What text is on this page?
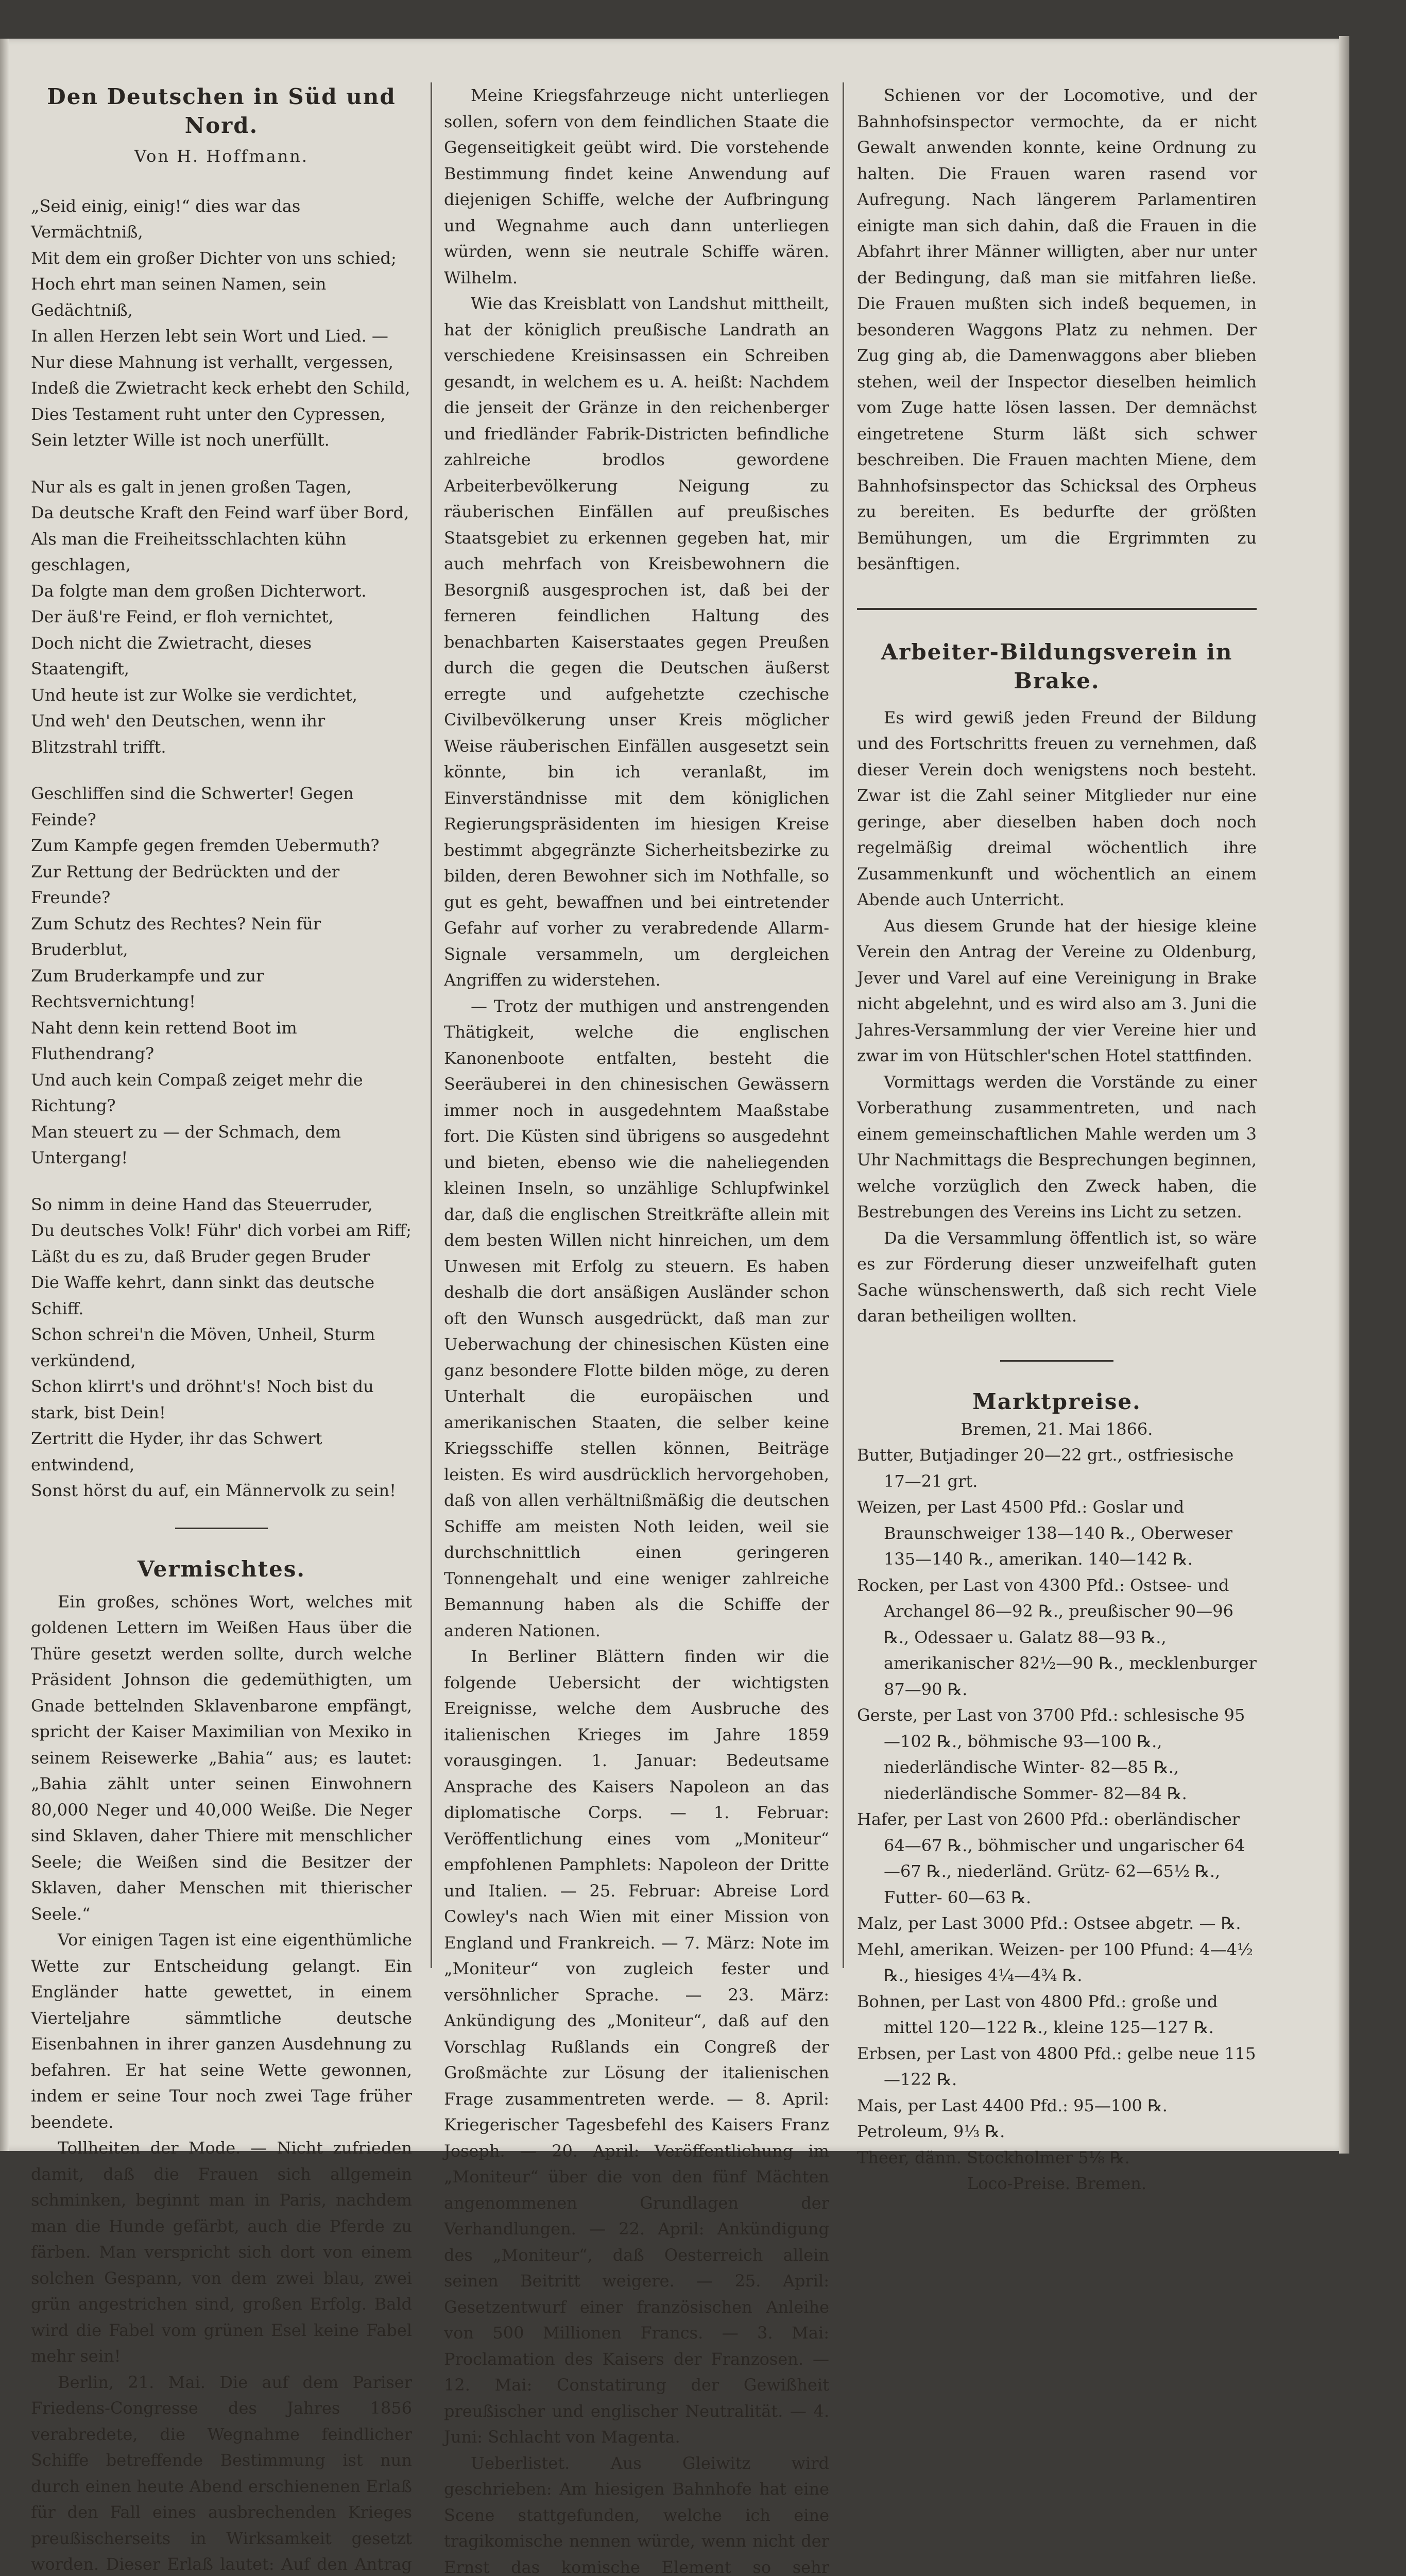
Den Deutschen in Süd und Nord.
Von H. Hoffmann.

„Seid einig, einig!“ dies war das Vermächtniß,

Mit dem ein großer Dichter von uns schied;

Hoch ehrt man seinen Namen, sein Gedächtniß,

In allen Herzen lebt sein Wort und Lied. —

Nur diese Mahnung ist verhallt, vergessen,

Indeß die Zwietracht keck erhebt den Schild,

Dies Testament ruht unter den Cypressen,

Sein letzter Wille ist noch unerfüllt.

Nur als es galt in jenen großen Tagen,

Da deutsche Kraft den Feind warf über Bord,

Als man die Freiheitsschlachten kühn geschlagen,

Da folgte man dem großen Dichterwort.

Der äuß're Feind, er floh vernichtet,

Doch nicht die Zwietracht, dieses Staatengift,

Und heute ist zur Wolke sie verdichtet,

Und weh' den Deutschen, wenn ihr Blitzstrahl trifft.

Geschliffen sind die Schwerter! Gegen Feinde?

Zum Kampfe gegen fremden Uebermuth?

Zur Rettung der Bedrückten und der Freunde?

Zum Schutz des Rechtes? Nein für Bruderblut,

Zum Bruderkampfe und zur Rechtsvernichtung!

Naht denn kein rettend Boot im Fluthendrang?

Und auch kein Compaß zeiget mehr die Richtung?

Man steuert zu — der Schmach, dem Untergang!

So nimm in deine Hand das Steuerruder,

Du deutsches Volk! Führ' dich vorbei am Riff;

Läßt du es zu, daß Bruder gegen Bruder

Die Waffe kehrt, dann sinkt das deutsche Schiff.

Schon schrei'n die Möven, Unheil, Sturm verkündend,

Schon klirrt's und dröhnt's! Noch bist du stark, bist Dein!

Zertritt die Hyder, ihr das Schwert entwindend,

Sonst hörst du auf, ein Männervolk zu sein!

Vermischtes.

Ein großes, schönes Wort, welches mit goldenen Lettern im Weißen Haus über die Thüre gesetzt werden sollte, durch welche Präsident Johnson die gedemüthigten, um Gnade bettelnden Sklavenbarone empfängt, spricht der Kaiser Maximilian von Mexiko in seinem Reisewerke „Bahia“ aus; es lautet: „Bahia zählt unter seinen Einwohnern 80,000 Neger und 40,000 Weiße. Die Neger sind Sklaven, daher Thiere mit menschlicher Seele; die Weißen sind die Besitzer der Sklaven, daher Menschen mit thierischer Seele.“

Vor einigen Tagen ist eine eigenthümliche Wette zur Entscheidung gelangt. Ein Engländer hatte gewettet, in einem Vierteljahre sämmtliche deutsche Eisenbahnen in ihrer ganzen Ausdehnung zu befahren. Er hat seine Wette gewonnen, indem er seine Tour noch zwei Tage früher beendete.

Tollheiten der Mode. — Nicht zufrieden damit, daß die Frauen sich allgemein schminken, beginnt man in Paris, nachdem man die Hunde gefärbt, auch die Pferde zu färben. Man verspricht sich dort von einem solchen Gespann, von dem zwei blau, zwei grün angestrichen sind, großen Erfolg. Bald wird die Fabel vom grünen Esel keine Fabel mehr sein!

Berlin, 21. Mai. Die auf dem Pariser Friedens-Congresse des Jahres 1856 verabredete, die Wegnahme feindlicher Schiffe betreffende Bestimmung ist nun durch einen heute Abend erschienenen Erlaß für den Fall eines ausbrechenden Krieges preußischerseits in Wirksamkeit gesetzt worden. Dieser Erlaß lautet: Auf den Antrag

Meine Kriegsfahrzeuge nicht unterliegen sollen, sofern von dem feindlichen Staate die Gegenseitigkeit geübt wird. Die vorstehende Bestimmung findet keine Anwendung auf diejenigen Schiffe, welche der Aufbringung und Wegnahme auch dann unterliegen würden, wenn sie neutrale Schiffe wären. Wilhelm.

Wie das Kreisblatt von Landshut mittheilt, hat der königlich preußische Landrath an verschiedene Kreisinsassen ein Schreiben gesandt, in welchem es u. A. heißt: Nachdem die jenseit der Gränze in den reichenberger und friedländer Fabrik-Districten befindliche zahlreiche brodlos gewordene Arbeiterbevölkerung Neigung zu räuberischen Einfällen auf preußisches Staatsgebiet zu erkennen gegeben hat, mir auch mehrfach von Kreisbewohnern die Besorgniß ausgesprochen ist, daß bei der ferneren feindlichen Haltung des benachbarten Kaiserstaates gegen Preußen durch die gegen die Deutschen äußerst erregte und aufgehetzte czechische Civilbevölkerung unser Kreis möglicher Weise räuberischen Einfällen ausgesetzt sein könnte, bin ich veranlaßt, im Einverständnisse mit dem königlichen Regierungspräsidenten im hiesigen Kreise bestimmt abgegränzte Sicherheitsbezirke zu bilden, deren Bewohner sich im Nothfalle, so gut es geht, bewaffnen und bei eintretender Gefahr auf vorher zu verabredende Allarm-Signale versammeln, um dergleichen Angriffen zu widerstehen.

— Trotz der muthigen und anstrengenden Thätigkeit, welche die englischen Kanonenboote entfalten, besteht die Seeräuberei in den chinesischen Gewässern immer noch in ausgedehntem Maaßstabe fort. Die Küsten sind übrigens so ausgedehnt und bieten, ebenso wie die naheliegenden kleinen Inseln, so unzählige Schlupfwinkel dar, daß die englischen Streitkräfte allein mit dem besten Willen nicht hinreichen, um dem Unwesen mit Erfolg zu steuern. Es haben deshalb die dort ansäßigen Ausländer schon oft den Wunsch ausgedrückt, daß man zur Ueberwachung der chinesischen Küsten eine ganz besondere Flotte bilden möge, zu deren Unterhalt die europäischen und amerikanischen Staaten, die selber keine Kriegsschiffe stellen können, Beiträge leisten. Es wird ausdrücklich hervorgehoben, daß von allen verhältnißmäßig die deutschen Schiffe am meisten Noth leiden, weil sie durchschnittlich einen geringeren Tonnengehalt und eine weniger zahlreiche Bemannung haben als die Schiffe der anderen Nationen.

In Berliner Blättern finden wir die folgende Uebersicht der wichtigsten Ereignisse, welche dem Ausbruche des italienischen Krieges im Jahre 1859 vorausgingen. 1. Januar: Bedeutsame Ansprache des Kaisers Napoleon an das diplomatische Corps. — 1. Februar: Veröffentlichung eines vom „Moniteur“ empfohlenen Pamphlets: Napoleon der Dritte und Italien. — 25. Februar: Abreise Lord Cowley's nach Wien mit einer Mission von England und Frankreich. — 7. März: Note im „Moniteur“ von zugleich fester und versöhnlicher Sprache. — 23. März: Ankündigung des „Moniteur“, daß auf den Vorschlag Rußlands ein Congreß der Großmächte zur Lösung der italienischen Frage zusammentreten werde. — 8. April: Kriegerischer Tagesbefehl des Kaisers Franz Joseph. — 20. April: Veröffentlichung im „Moniteur“ über die von den fünf Mächten angenommenen Grundlagen der Verhandlungen. — 22. April: Ankündigung des „Moniteur“, daß Oesterreich allein seinen Beitritt weigere. — 25. April: Gesetzentwurf einer französischen Anleihe von 500 Millionen Francs. — 3. Mai: Proclamation des Kaisers der Franzosen. — 12. Mai: Constatirung der Gewißheit preußischer und englischer Neutralität. — 4. Juni: Schlacht von Magenta.

Ueberlistet. Aus Gleiwitz wird geschrieben: Am hiesigen Bahnhofe hat eine Scene stattgefunden, welche ich eine tragikomische nennen würde, wenn nicht der Ernst das komische Element so sehr

Schienen vor der Locomotive, und der Bahnhofsinspector vermochte, da er nicht Gewalt anwenden konnte, keine Ordnung zu halten. Die Frauen waren rasend vor Aufregung. Nach längerem Parlamentiren einigte man sich dahin, daß die Frauen in die Abfahrt ihrer Männer willigten, aber nur unter der Bedingung, daß man sie mitfahren ließe. Die Frauen mußten sich indeß bequemen, in besonderen Waggons Platz zu nehmen. Der Zug ging ab, die Damenwaggons aber blieben stehen, weil der Inspector dieselben heimlich vom Zuge hatte lösen lassen. Der demnächst eingetretene Sturm läßt sich schwer beschreiben. Die Frauen machten Miene, dem Bahnhofsinspector das Schicksal des Orpheus zu bereiten. Es bedurfte der größten Bemühungen, um die Ergrimmten zu besänftigen.

Arbeiter-Bildungsverein in Brake.

Es wird gewiß jeden Freund der Bildung und des Fortschritts freuen zu vernehmen, daß dieser Verein doch wenigstens noch besteht. Zwar ist die Zahl seiner Mitglieder nur eine geringe, aber dieselben haben doch noch regelmäßig dreimal wöchentlich ihre Zusammenkunft und wöchentlich an einem Abende auch Unterricht.

Aus diesem Grunde hat der hiesige kleine Verein den Antrag der Vereine zu Oldenburg, Jever und Varel auf eine Vereinigung in Brake nicht abgelehnt, und es wird also am 3. Juni die Jahres-Versammlung der vier Vereine hier und zwar im von Hütschler'schen Hotel stattfinden.

Vormittags werden die Vorstände zu einer Vorberathung zusammentreten, und nach einem gemeinschaftlichen Mahle werden um 3 Uhr Nachmittags die Besprechungen beginnen, welche vorzüglich den Zweck haben, die Bestrebungen des Vereins ins Licht zu setzen.

Da die Versammlung öffentlich ist, so wäre es zur Förderung dieser unzweifelhaft guten Sache wünschenswerth, daß sich recht Viele daran betheiligen wollten.

Marktpreise.

Bremen, 21. Mai 1866.

Butter, Butjadinger 20—22 grt., ostfriesische 17—21 grt.

Weizen, per Last 4500 Pfd.: Goslar und Braunschweiger 138—140 ℞., Oberweser 135—140 ℞., amerikan. 140—142 ℞.

Rocken, per Last von 4300 Pfd.: Ostsee- und Archangel 86—92 ℞., preußischer 90—96 ℞., Odessaer u. Galatz 88—93 ℞., amerikanischer 82½—90 ℞., mecklenburger 87—90 ℞.

Gerste, per Last von 3700 Pfd.: schlesische 95—102 ℞., böhmische 93—100 ℞., niederländische Winter- 82—85 ℞., niederländische Sommer- 82—84 ℞.

Hafer, per Last von 2600 Pfd.: oberländischer 64—67 ℞., böhmischer und ungarischer 64—67 ℞., niederländ. Grütz- 62—65½ ℞., Futter- 60—63 ℞.

Malz, per Last 3000 Pfd.: Ostsee abgetr. — ℞.

Mehl, amerikan. Weizen- per 100 Pfund: 4—4½ ℞., hiesiges 4¼—4¾ ℞.

Bohnen, per Last von 4800 Pfd.: große und mittel 120—122 ℞., kleine 125—127 ℞.

Erbsen, per Last von 4800 Pfd.: gelbe neue 115—122 ℞.

Mais, per Last 4400 Pfd.: 95—100 ℞.

Petroleum, 9⅓ ℞.

Theer, dänn. Stockholmer 5⅛ ℞.

Loco-Preise. Bremen.
